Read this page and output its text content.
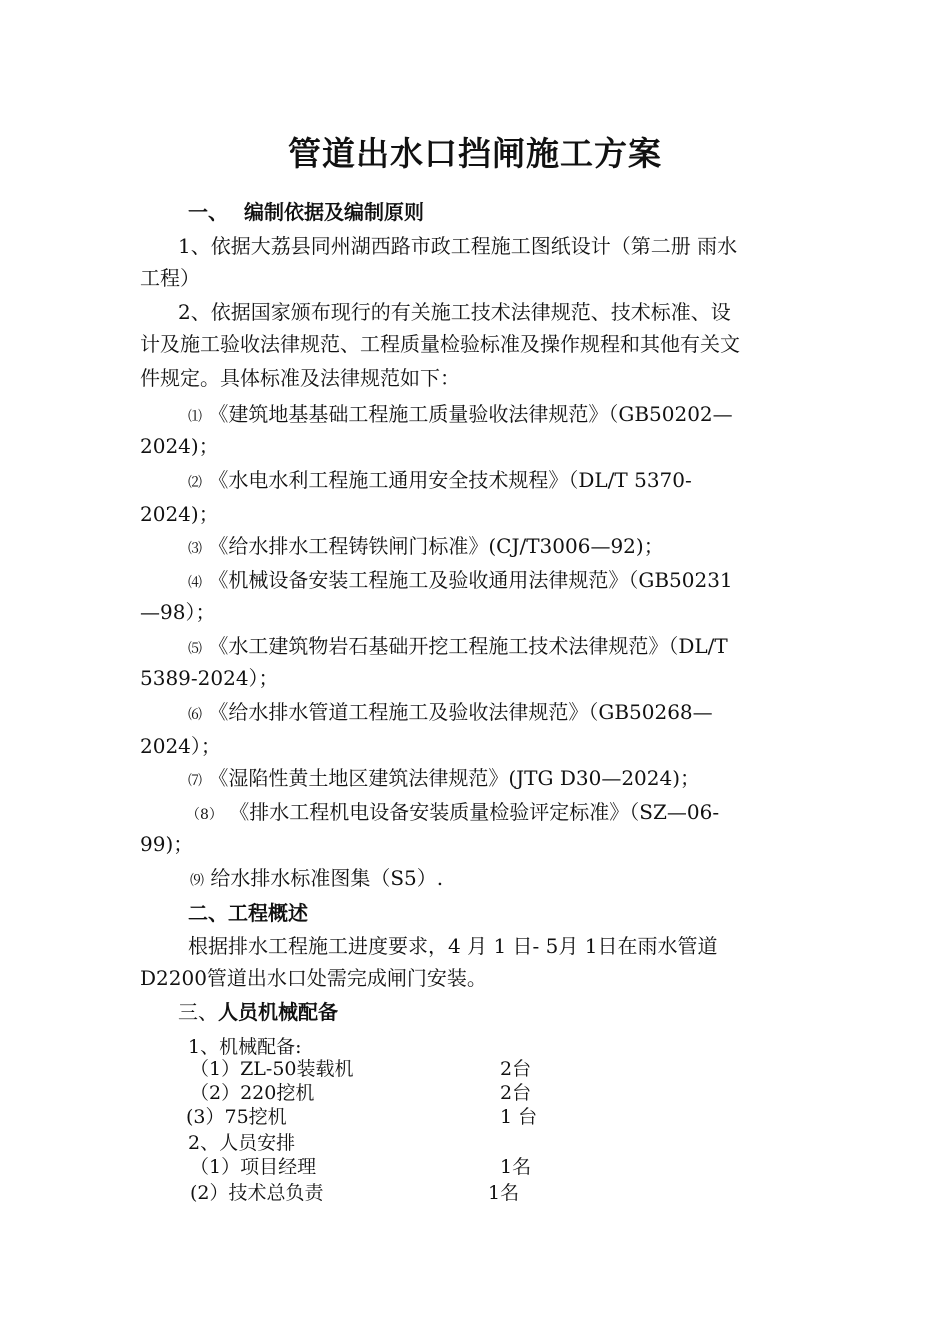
管道出水口挡闸施工方案
一、 编制依据及编制原则
1、依据大荔县同州湖西路市政工程施工图纸设计（第二册 雨水
工程）
2、依据国家颁布现行的有关施工技术法律规范、技术标准、设
计及施工验收法律规范、工程质量检验标准及操作规程和其他有关文
件规定。具体标准及法律规范如下：
⑴ 《建筑地基基础工程施工质量验收法律规范》（GB50202—
2024)；
⑵ 《水电水利工程施工通用安全技术规程》（DL/T 5370-
2024)；
⑶ 《给水排水工程铸铁闸门标准》(CJ/T3006—92)；
⑷ 《机械设备安装工程施工及验收通用法律规范》（GB50231
—98）；
⑸ 《水工建筑物岩石基础开挖工程施工技术法律规范》（DL/T
5389-2024）；
⑹ 《给水排水管道工程施工及验收法律规范》（GB50268—
2024）；
⑺ 《湿陷性黄土地区建筑法律规范》(JTG D30—2024)；
（8） 《排水工程机电设备安装质量检验评定标准》（SZ—06-
99)；
⑼ 给水排水标准图集（S5）.
二、工程概述
根据排水工程施工进度要求，4 月 1 日- 5月 1日在雨水管道
D2200管道出水口处需完成闸门安装。
三、人员机械配备
1、机械配备:
（1）ZL-50装载机	2台
（2）220挖机	2台
(3）75挖机	1 台
2、人员安排
（1）项目经理	1名
(2）技术总负责	1名
